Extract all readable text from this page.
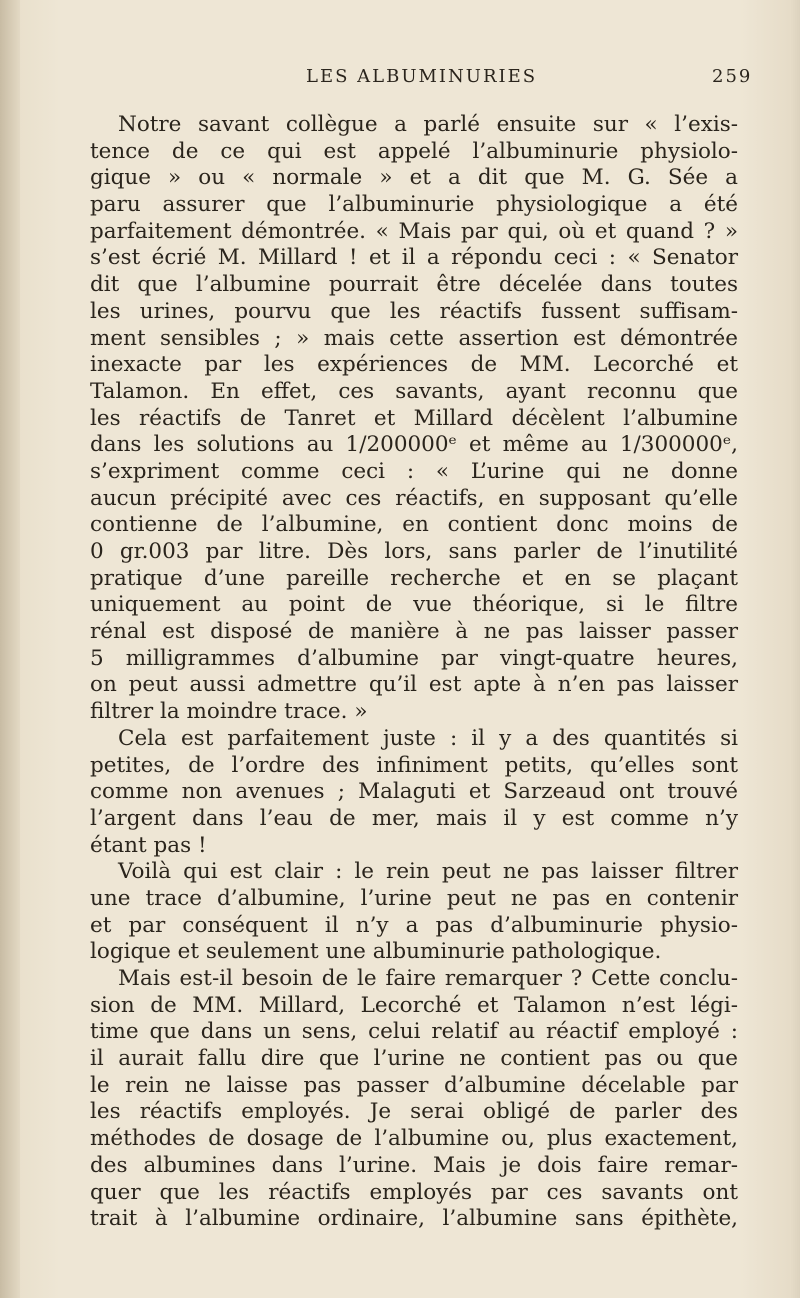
LES ALBUMINURIES	259
Notre savant collègue a parlé ensuite sur « l’exis-
tence de ce qui est appelé l’albuminurie physiolo-
gique » ou « normale » et a dit que M. G. Sée a
paru assurer que l’albuminurie physiologique a été
parfaitement démontrée. « Mais par qui, où et quand ? »
s’est écrié M. Millard ! et il a répondu ceci : « Senator
dit que l’albumine pourrait être décelée dans toutes
les urines, pourvu que les réactifs fussent suffisam-
ment sensibles ; » mais cette assertion est démontrée
inexacte par les expériences de MM. Lecorché et
Talamon. En effet, ces savants, ayant reconnu que
les réactifs de Tanret et Millard décèlent l’albumine
dans les solutions au 1/200000ᵉ et même au 1/300000ᵉ,
s’expriment comme ceci : « L’urine qui ne donne
aucun précipité avec ces réactifs, en supposant qu’elle
contienne de l’albumine, en contient donc moins de
0 gr.003 par litre. Dès lors, sans parler de l’inutilité
pratique d’une pareille recherche et en se plaçant
uniquement au point de vue théorique, si le filtre
rénal est disposé de manière à ne pas laisser passer
5 milligrammes d’albumine par vingt-quatre heures,
on peut aussi admettre qu’il est apte à n’en pas laisser
filtrer la moindre trace. »
Cela est parfaitement juste : il y a des quantités si
petites, de l’ordre des infiniment petits, qu’elles sont
comme non avenues ; Malaguti et Sarzeaud ont trouvé
l’argent dans l’eau de mer, mais il y est comme n’y
étant pas !
Voilà qui est clair : le rein peut ne pas laisser filtrer
une trace d’albumine, l’urine peut ne pas en contenir
et par conséquent il n’y a pas d’albuminurie physio-
logique et seulement une albuminurie pathologique.
Mais est-il besoin de le faire remarquer ? Cette conclu-
sion de MM. Millard, Lecorché et Talamon n’est légi-
time que dans un sens, celui relatif au réactif employé :
il aurait fallu dire que l’urine ne contient pas ou que
le rein ne laisse pas passer d’albumine décelable par
les réactifs employés. Je serai obligé de parler des
méthodes de dosage de l’albumine ou, plus exactement,
des albumines dans l’urine. Mais je dois faire remar-
quer que les réactifs employés par ces savants ont
trait à l’albumine ordinaire, l’albumine sans épithète,
